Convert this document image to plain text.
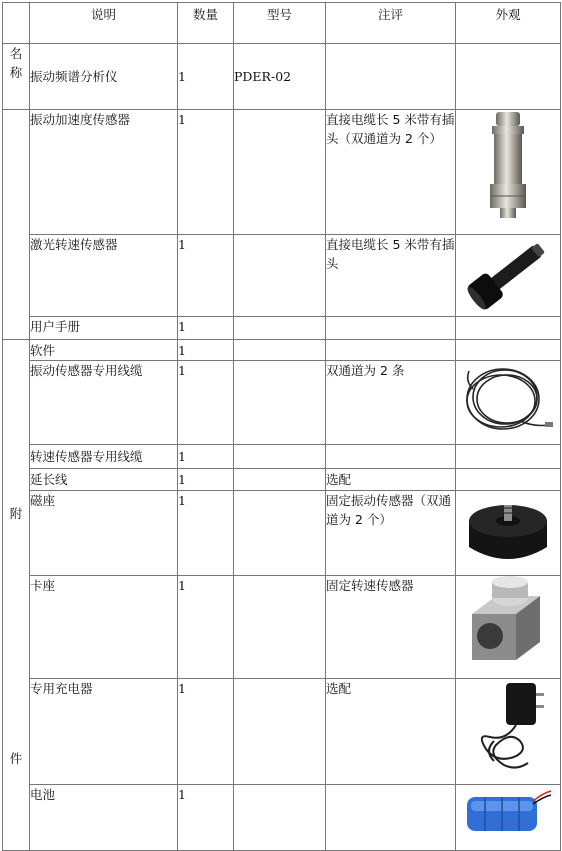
	说明	数量	型号	注评	外观

名
称	振动频谱分析仪	1	PDER-02		
	振动加速度传感器	1		直接电缆长 5 米带有插头（双通道为 2 个）	

	激光转速传感器	1		直接电缆长 5 米带有插头	

	用户手册	1			

附
件	软件	1			
	振动传感器专用线缆	1		双通道为 2 条	

	转速传感器专用线缆	1			
	延长线	1		选配	
	磁座	1		固定振动传感器（双通道为 2 个）	

	卡座	1		固定转速传感器	

	专用充电器	1		选配	

	电池	1			
